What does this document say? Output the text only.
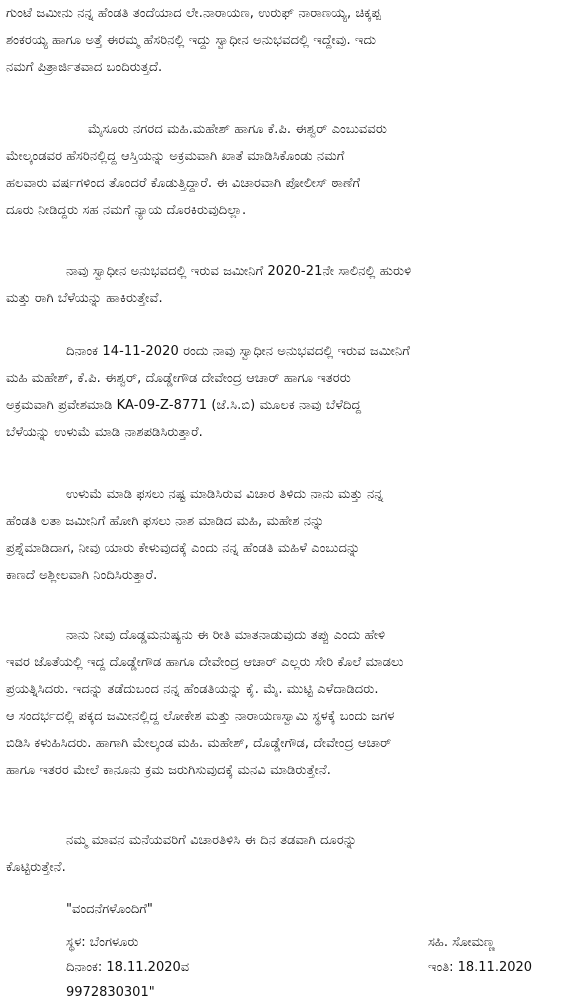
ಗುಂಟೆ ಜಮೀನು ನನ್ನ ಹೆಂಡತಿ ತಂದೆಯಾದ ಲೇ.ನಾರಾಯಣ, ಉರುಫ್ ನಾರಾಣಯ್ಯ, ಚಿಕ್ಕಪ್ಪ
ಶಂಕರಯ್ಯ ಹಾಗೂ ಅತ್ತೆ ಈರಮ್ಮ ಹೆಸರಿನಲ್ಲಿ ಇದ್ದು ಸ್ವಾಧೀನ ಅನುಭವದಲ್ಲಿ ಇದ್ದೇವು. ಇದು
ನಮಗೆ ಪಿತ್ರಾರ್ಜಿತವಾದ ಬಂದಿರುತ್ತದೆ.
ಮೈಸೂರು ನಗರದ ಮಹಿ.ಮಹೇಶ್ ಹಾಗೂ ಕೆ.ಪಿ. ಈಶ್ವರ್ ಎಂಬುವವರು
ಮೇಲ್ಕಂಡವರ ಹೆಸರಿನಲ್ಲಿದ್ದ ಆಸ್ತಿಯನ್ನು ಅಕ್ರಮವಾಗಿ ಖಾತೆ ಮಾಡಿಸಿಕೊಂಡು ನಮಗೆ
ಹಲವಾರು ವರ್ಷಗಳಿಂದ ತೊಂದರೆ ಕೊಡುತ್ತಿದ್ದಾರೆ. ಈ ವಿಚಾರವಾಗಿ ಪೋಲೀಸ್ ಠಾಣೆಗೆ
ದೂರು ನೀಡಿದ್ದರು ಸಹ ನಮಗೆ ನ್ಯಾಯ ದೊರಕಿರುವುದಿಲ್ಲಾ.
ನಾವು ಸ್ವಾಧೀನ ಅನುಭವದಲ್ಲಿ ಇರುವ ಜಮೀನಿಗೆ 2020-21ನೇ ಸಾಲಿನಲ್ಲಿ ಹುರುಳಿ
ಮತ್ತು ರಾಗಿ ಬೆಳೆಯನ್ನು ಹಾಕಿರುತ್ತೇವೆ.
ದಿನಾಂಕ 14-11-2020 ರಂದು ನಾವು ಸ್ವಾಧೀನ ಅನುಭವದಲ್ಲಿ ಇರುವ ಜಮೀನಿಗೆ
ಮಹಿ ಮಹೇಶ್, ಕೆ.ಪಿ. ಈಶ್ವರ್, ದೊಡ್ಡೇಗೌಡ ದೇವೇಂದ್ರ ಆಚಾರ್ ಹಾಗೂ ಇತರರು
ಅಕ್ರಮವಾಗಿ ಪ್ರವೇಶಮಾಡಿ KA-09-Z-8771 (ಜೆ.ಸಿ.ಬಿ) ಮೂಲಕ ನಾವು ಬೆಳೆದಿದ್ದ
ಬೆಳೆಯನ್ನು ಉಳುಮೆ ಮಾಡಿ ನಾಶಪಡಿಸಿರುತ್ತಾರೆ.
ಉಳುಮೆ ಮಾಡಿ ಫಸಲು ನಷ್ಟ ಮಾಡಿಸಿರುವ ವಿಚಾರ ತಿಳಿದು ನಾನು ಮತ್ತು ನನ್ನ
ಹೆಂಡತಿ ಲತಾ ಜಮೀನಿಗೆ ಹೋಗಿ ಫಸಲು ನಾಶ ಮಾಡಿದ ಮಹಿ, ಮಹೇಶ ನನ್ನು
ಪ್ರಶ್ನೆಮಾಡಿದಾಗ, ನೀವು ಯಾರು ಕೇಳುವುದಕ್ಕೆ ಎಂದು ನನ್ನ ಹೆಂಡತಿ ಮಹಿಳೆ ಎಂಬುದನ್ನು
ಕಾಣದೆ ಅಶ್ಲೀಲವಾಗಿ ನಿಂದಿಸಿರುತ್ತಾರೆ.
ನಾನು ನೀವು ದೊಡ್ಡಮನುಷ್ಯನು ಈ ರೀತಿ ಮಾತನಾಡುವುದು ತಪ್ಪು ಎಂದು ಹೇಳಿ
ಇವರ ಜೊತೆಯಲ್ಲಿ ಇದ್ದ ದೊಡ್ಡೇಗೌಡ ಹಾಗೂ ದೇವೇಂದ್ರ ಆಚಾರ್ ಎಲ್ಲರು ಸೇರಿ ಕೊಲೆ ಮಾಡಲು
ಪ್ರಯತ್ನಿಸಿದರು. ಇದನ್ನು ತಡೆದುಬಂದ ನನ್ನ ಹೆಂಡತಿಯನ್ನು ಕೈ. ಮೈ. ಮುಟ್ಟಿ ಎಳೆದಾಡಿದರು.
ಆ ಸಂದರ್ಭದಲ್ಲಿ ಪಕ್ಕದ ಜಮೀನಲ್ಲಿದ್ದ ಲೋಕೇಶ ಮತ್ತು ನಾರಾಯಣಸ್ವಾಮಿ ಸ್ಥಳಕ್ಕೆ ಬಂದು ಜಗಳ
ಬಿಡಿಸಿ ಕಳುಹಿಸಿದರು. ಹಾಗಾಗಿ ಮೇಲ್ಕಂಡ ಮಹಿ. ಮಹೇಶ್, ದೊಡ್ಡೇಗೌಡ, ದೇವೇಂದ್ರ ಆಚಾರ್
ಹಾಗೂ ಇತರರ ಮೇಲೆ ಕಾನೂನು ಕ್ರಮ ಜರುಗಿಸುವುದಕ್ಕೆ ಮನವಿ ಮಾಡಿರುತ್ತೇನೆ.
ನಮ್ಮ ಮಾವನ ಮನೆಯವರಿಗೆ ವಿಚಾರತಿಳಿಸಿ ಈ ದಿನ ತಡವಾಗಿ ದೂರನ್ನು
ಕೊಟ್ಟಿರುತ್ತೇನೆ.
"ವಂದನೆಗಳೊಂದಿಗೆ"
ಸ್ಥಳ: ಬೆಂಗಳೂರು
ದಿನಾಂಕ: 18.11.2020ವ
9972830301"
ಸಹಿ. ಸೋಮಣ್ಣ
ಇಂತಿ: 18.11.2020
